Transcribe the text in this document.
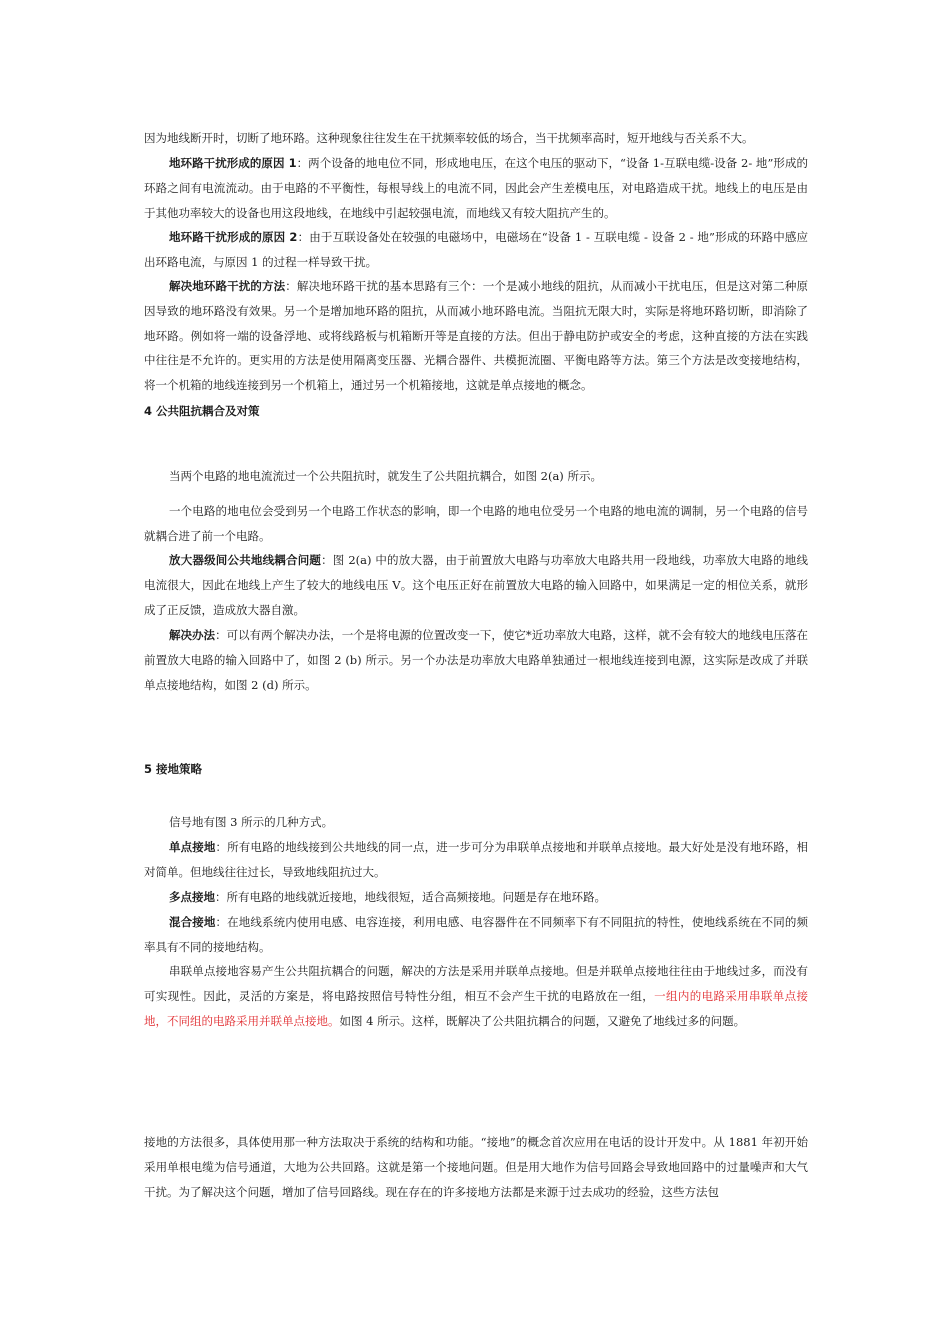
因为地线断开时，切断了地环路。这种现象往往发生在干扰频率较低的场合，当干扰频率高时，短开地线与否关系不大。
地环路干扰形成的原因 1：两个设备的地电位不同，形成地电压，在这个电压的驱动下，“设备 1-互联电缆-设备 2- 地”形成的环路之间有电流流动。由于电路的不平衡性，每根导线上的电流不同，因此会产生差模电压，对电路造成干扰。地线上的电压是由于其他功率较大的设备也用这段地线，在地线中引起较强电流，而地线又有较大阻抗产生的。
地环路干扰形成的原因 2：由于互联设备处在较强的电磁场中，电磁场在“设备 1 - 互联电缆 - 设备 2 - 地”形成的环路中感应出环路电流，与原因 1 的过程一样导致干扰。
解决地环路干扰的方法：解决地环路干扰的基本思路有三个：一个是减小地线的阻抗，从而减小干扰电压，但是这对第二种原因导致的地环路没有效果。另一个是增加地环路的阻抗，从而减小地环路电流。当阻抗无限大时，实际是将地环路切断，即消除了地环路。例如将一端的设备浮地、或将线路板与机箱断开等是直接的方法。但出于静电防护或安全的考虑，这种直接的方法在实践中往往是不允许的。更实用的方法是使用隔离变压器、光耦合器件、共模扼流圈、平衡电路等方法。第三个方法是改变接地结构，将一个机箱的地线连接到另一个机箱上，通过另一个机箱接地，这就是单点接地的概念。
4 公共阻抗耦合及对策
当两个电路的地电流流过一个公共阻抗时，就发生了公共阻抗耦合，如图 2(a) 所示。
一个电路的地电位会受到另一个电路工作状态的影响，即一个电路的地电位受另一个电路的地电流的调制，另一个电路的信号就耦合进了前一个电路。
放大器级间公共地线耦合问题：图 2(a) 中的放大器，由于前置放大电路与功率放大电路共用一段地线，功率放大电路的地线电流很大，因此在地线上产生了较大的地线电压 V。这个电压正好在前置放大电路的输入回路中，如果满足一定的相位关系，就形成了正反馈，造成放大器自激。
解决办法：可以有两个解决办法，一个是将电源的位置改变一下，使它*近功率放大电路，这样，就不会有较大的地线电压落在前置放大电路的输入回路中了，如图 2 (b) 所示。另一个办法是功率放大电路单独通过一根地线连接到电源，这实际是改成了并联单点接地结构，如图 2 (d) 所示。
5 接地策略
信号地有图 3 所示的几种方式。
单点接地：所有电路的地线接到公共地线的同一点，进一步可分为串联单点接地和并联单点接地。最大好处是没有地环路，相对简单。但地线往往过长，导致地线阻抗过大。
多点接地：所有电路的地线就近接地，地线很短，适合高频接地。问题是存在地环路。
混合接地：在地线系统内使用电感、电容连接，利用电感、电容器件在不同频率下有不同阻抗的特性，使地线系统在不同的频率具有不同的接地结构。
串联单点接地容易产生公共阻抗耦合的问题，解决的方法是采用并联单点接地。但是并联单点接地往往由于地线过多，而没有可实现性。因此，灵活的方案是，将电路按照信号特性分组，相互不会产生干扰的电路放在一组，一组内的电路采用串联单点接地，不同组的电路采用并联单点接地。如图 4 所示。这样，既解决了公共阻抗耦合的问题，又避免了地线过多的问题。
接地的方法很多，具体使用那一种方法取决于系统的结构和功能。“接地”的概念首次应用在电话的设计开发中。从 1881 年初开始采用单根电缆为信号通道，大地为公共回路。这就是第一个接地问题。但是用大地作为信号回路会导致地回路中的过量噪声和大气干扰。为了解决这个问题，增加了信号回路线。现在存在的许多接地方法都是来源于过去成功的经验，这些方法包
